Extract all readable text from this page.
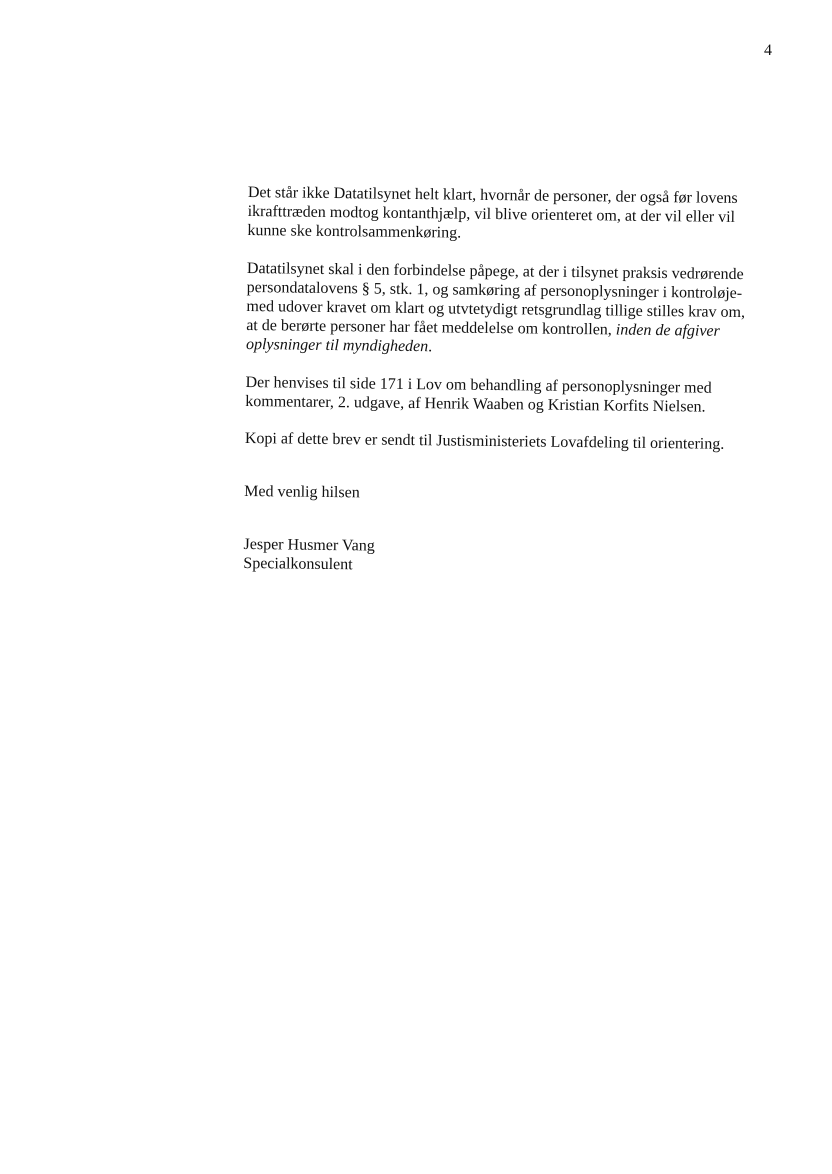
4

Det står ikke Datatilsynet helt klart, hvornår de personer, der også før lovens
ikrafttræden modtog kontanthjælp, vil blive orienteret om, at der vil eller vil
kunne ske kontrolsammenkøring.

Datatilsynet skal i den forbindelse påpege, at der i tilsynet praksis vedrørende
persondatalovens § 5, stk. 1, og samkøring af personoplysninger i kontroløje-
med udover kravet om klart og utvtetydigt retsgrundlag tillige stilles krav om,
at de berørte personer har fået meddelelse om kontrollen, inden de afgiver
oplysninger til myndigheden.

Der henvises til side 171 i Lov om behandling af personoplysninger med
kommentarer, 2. udgave, af Henrik Waaben og Kristian Korfits Nielsen.

Kopi af dette brev er sendt til Justisministeriets Lovafdeling til orientering.

Med venlig hilsen

Jesper Husmer Vang
Specialkonsulent
